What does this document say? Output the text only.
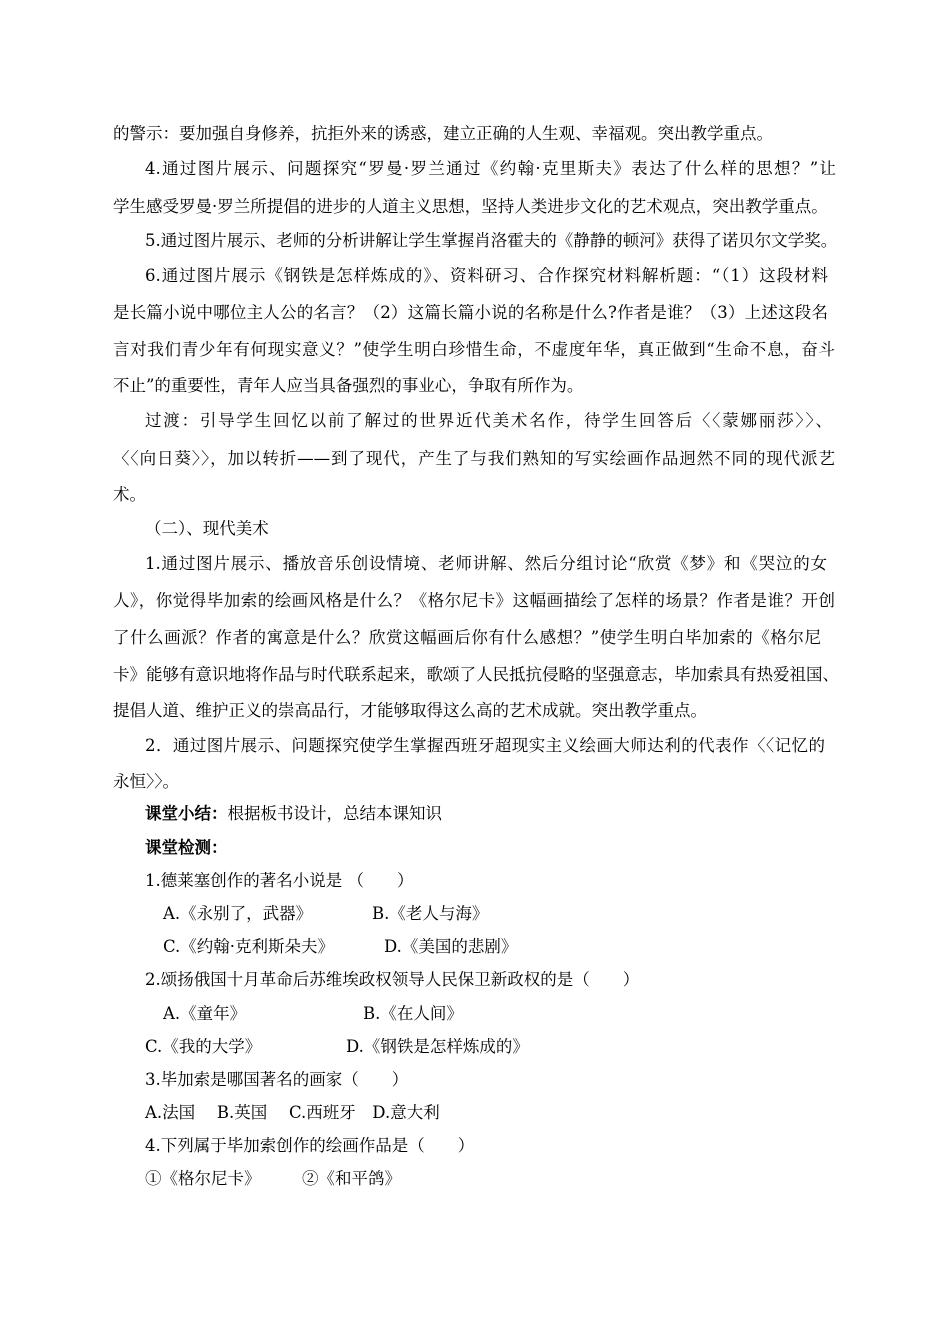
的警示：要加强自身修养，抗拒外来的诱惑，建立正确的人生观、幸福观。突出教学重点。
4.通过图片展示、问题探究“罗曼·罗兰通过《约翰·克里斯夫》表达了什么样的思想？”让
学生感受罗曼·罗兰所提倡的进步的人道主义思想，坚持人类进步文化的艺术观点，突出教学重点。
5.通过图片展示、老师的分析讲解让学生掌握肖洛霍夫的《静静的顿河》获得了诺贝尔文学奖。
6.通过图片展示《钢铁是怎样炼成的》、资料研习、合作探究材料解析题：“（1）这段材料
是长篇小说中哪位主人公的名言？（2）这篇长篇小说的名称是什么?作者是谁？（3）上述这段名
言对我们青少年有何现实意义？”使学生明白珍惜生命，不虚度年华，真正做到“生命不息，奋斗
不止”的重要性，青年人应当具备强烈的事业心，争取有所作为。
过渡：引导学生回忆以前了解过的世界近代美术名作，待学生回答后〈〈蒙娜丽莎〉〉、
〈〈向日葵〉〉，加以转折——到了现代，产生了与我们熟知的写实绘画作品迥然不同的现代派艺
术。
（二）、现代美术
1.通过图片展示、播放音乐创设情境、老师讲解、然后分组讨论“欣赏《梦》和《哭泣的女
人》，你觉得毕加索的绘画风格是什么？《格尔尼卡》这幅画描绘了怎样的场景？作者是谁？开创
了什么画派？作者的寓意是什么？欣赏这幅画后你有什么感想？”使学生明白毕加索的《格尔尼
卡》能够有意识地将作品与时代联系起来，歌颂了人民抵抗侵略的坚强意志，毕加索具有热爱祖国、
提倡人道、维护正义的崇高品行，才能够取得这么高的艺术成就。突出教学重点。
2．通过图片展示、问题探究使学生掌握西班牙超现实主义绘画大师达利的代表作〈〈记忆的
永恒〉〉。
课堂小结：根据板书设计，总结本课知识
课堂检测：
1.德莱塞创作的著名小说是 （　　）
A.《永别了，武器》	B.《老人与海》
C.《约翰·克利斯朵夫》	D.《美国的悲剧》
2.颂扬俄国十月革命后苏维埃政权领导人民保卫新政权的是（　　）
A.《童年》	B.《在人间》
C.《我的大学》	D.《钢铁是怎样炼成的》
3.毕加索是哪国著名的画家（　　）
A.法国　 B.英国　 C.西班牙　D.意大利
4.下列属于毕加索创作的绘画作品是（　　）
①《格尔尼卡》	②《和平鸽》
